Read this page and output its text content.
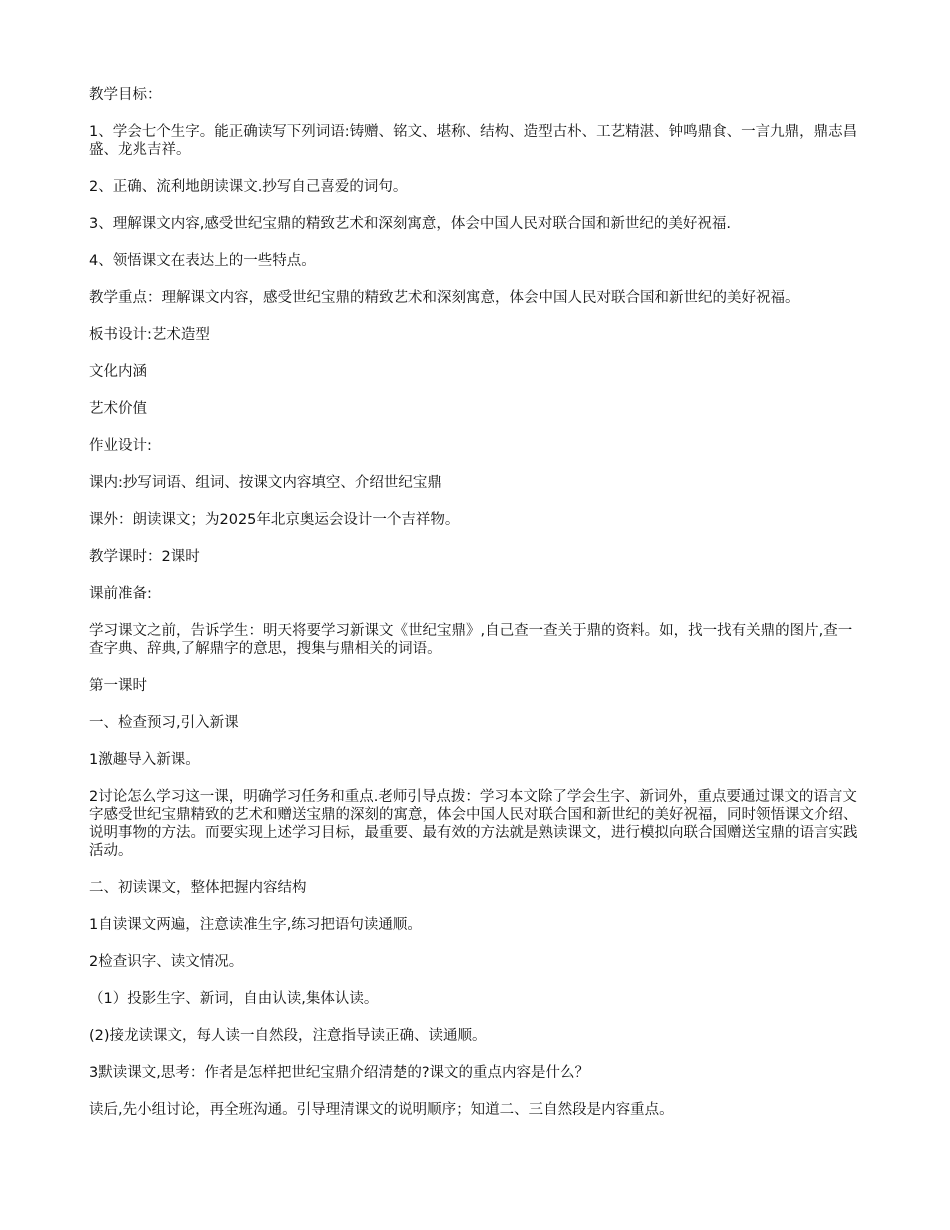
教学目标：

1、学会七个生字。能正确读写下列词语:铸赠、铭文、堪称、结构、造型古朴、工艺精湛、钟鸣鼎食、一言九鼎，鼎志昌盛、龙兆吉祥。

2、正确、流利地朗读课文.抄写自己喜爱的词句。

3、理解课文内容,感受世纪宝鼎的精致艺术和深刻寓意，体会中国人民对联合国和新世纪的美好祝福.

4、领悟课文在表达上的一些特点。

教学重点：理解课文内容，感受世纪宝鼎的精致艺术和深刻寓意，体会中国人民对联合国和新世纪的美好祝福。

板书设计:艺术造型

文化内涵

艺术价值

作业设计:

课内:抄写词语、组词、按课文内容填空、介绍世纪宝鼎

课外：朗读课文；为2025年北京奥运会设计一个吉祥物。

教学课时：2课时

课前准备:

学习课文之前，告诉学生：明天将要学习新课文《世纪宝鼎》,自己查一查关于鼎的资料。如，找一找有关鼎的图片,查一查字典、辞典,了解鼎字的意思，搜集与鼎相关的词语。

第一课时

一、检查预习,引入新课

1激趣导入新课。

2讨论怎么学习这一课，明确学习任务和重点.老师引导点拨：学习本文除了学会生字、新词外，重点要通过课文的语言文字感受世纪宝鼎精致的艺术和赠送宝鼎的深刻的寓意，体会中国人民对联合国和新世纪的美好祝福，同时领悟课文介绍、说明事物的方法。而要实现上述学习目标，最重要、最有效的方法就是熟读课文，进行模拟向联合国赠送宝鼎的语言实践活动。

二、初读课文，整体把握内容结构

1自读课文两遍，注意读准生字,练习把语句读通顺。

2检查识字、读文情况。

（1）投影生字、新词，自由认读,集体认读。

(2)接龙读课文，每人读一自然段，注意指导读正确、读通顺。

3默读课文,思考：作者是怎样把世纪宝鼎介绍清楚的?课文的重点内容是什么？

读后,先小组讨论，再全班沟通。引导理清课文的说明顺序；知道二、三自然段是内容重点。
